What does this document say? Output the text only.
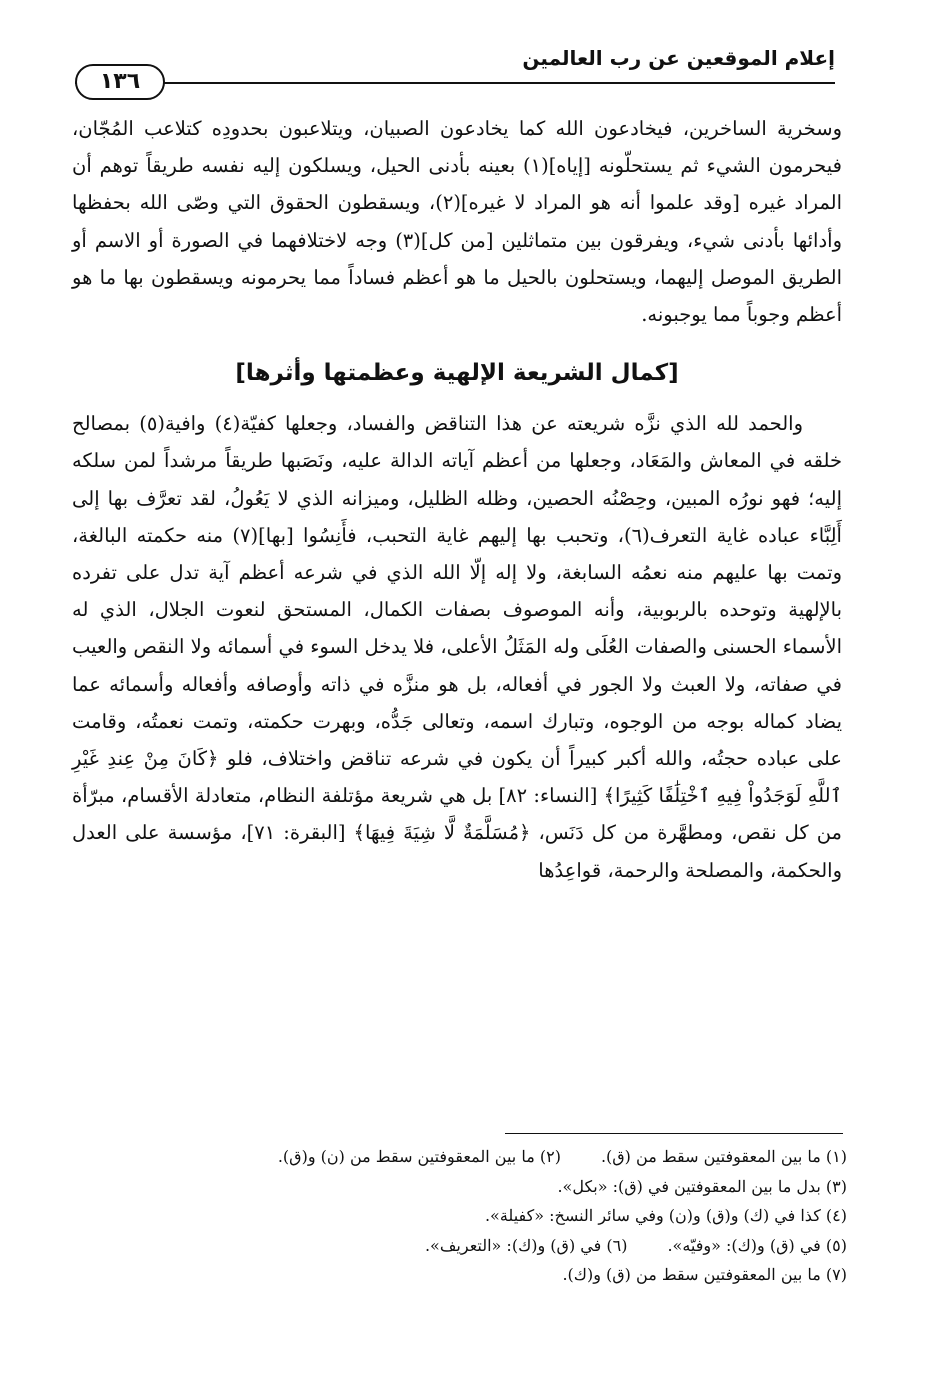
إعلام الموقعين عن رب العالمين
١٣٦

وسخرية الساخرين، فيخادعون الله كما يخادعون الصبيان، ويتلاعبون بحدودِه كتلاعب المُجّان، فيحرمون الشيء ثم يستحلّونه [إياه](١) بعينه بأدنى الحيل، ويسلكون إليه نفسه طريقاً توهم أن المراد غيره [وقد علموا أنه هو المراد لا غيره](٢)، ويسقطون الحقوق التي وصّى الله بحفظها وأدائها بأدنى شيء، ويفرقون بين متماثلين [من كل](٣) وجه لاختلافهما في الصورة أو الاسم أو الطريق الموصل إليهما، ويستحلون بالحيل ما هو أعظم فساداً مما يحرمونه ويسقطون بها ما هو أعظم وجوباً مما يوجبونه.

[كمال الشريعة الإلهية وعظمتها وأثرها]

والحمد لله الذي نزَّه شريعته عن هذا التناقض والفساد، وجعلها كفيّة(٤) وافية(٥) بمصالح خلقه في المعاش والمَعَاد، وجعلها من أعظم آياته الدالة عليه، ونَصَبها طريقاً مرشداً لمن سلكه إليه؛ فهو نورُه المبين، وحِصْنُه الحصين، وظله الظليل، وميزانه الذي لا يَعُولُ، لقد تعرَّف بها إلى أَلِبَّاء عباده غاية التعرف(٦)، وتحبب بها إليهم غاية التحبب، فأَنِسُوا [بها](٧) منه حكمته البالغة، وتمت بها عليهم منه نعمُه السابغة، ولا إله إلّا الله الذي في شرعه أعظم آية تدل على تفرده بالإلهية وتوحده بالربوبية، وأنه الموصوف بصفات الكمال، المستحق لنعوت الجلال، الذي له الأسماء الحسنى والصفات العُلَى وله المَثَلُ الأعلى، فلا يدخل السوء في أسمائه ولا النقص والعيب في صفاته، ولا العبث ولا الجور في أفعاله، بل هو منزَّه في ذاته وأوصافه وأفعاله وأسمائه عما يضاد كماله بوجه من الوجوه، وتبارك اسمه، وتعالى جَدُّه، وبهرت حكمته، وتمت نعمتُه، وقامت على عباده حجتُه، والله أكبر كبيراً أن يكون في شرعه تناقض واختلاف، فلو ﴿كَانَ مِنْ عِندِ غَيْرِ ٱللَّهِ لَوَجَدُواْ فِيهِ ٱخْتِلَٰفًا كَثِيرًا﴾ [النساء: ٨٢] بل هي شريعة مؤتلفة النظام، متعادلة الأقسام، مبرّأة من كل نقص، ومطهَّرة من كل دَنَس، ﴿مُسَلَّمَةٌ لَّا شِيَةَ فِيهَا﴾ [البقرة: ٧١]، مؤسسة على العدل والحكمة، والمصلحة والرحمة، قواعِدُها

(١) ما بين المعقوفتين سقط من (ق).(٢) ما بين المعقوفتين سقط من (ن) و(ق).
(٣) بدل ما بين المعقوفتين في (ق): «بكل».
(٤) كذا في (ك) و(ق) و(ن) وفي سائر النسخ: «كفيلة».
(٥) في (ق) و(ك): «وفيّه».(٦) في (ق) و(ك): «التعريف».
(٧) ما بين المعقوفتين سقط من (ق) و(ك).
